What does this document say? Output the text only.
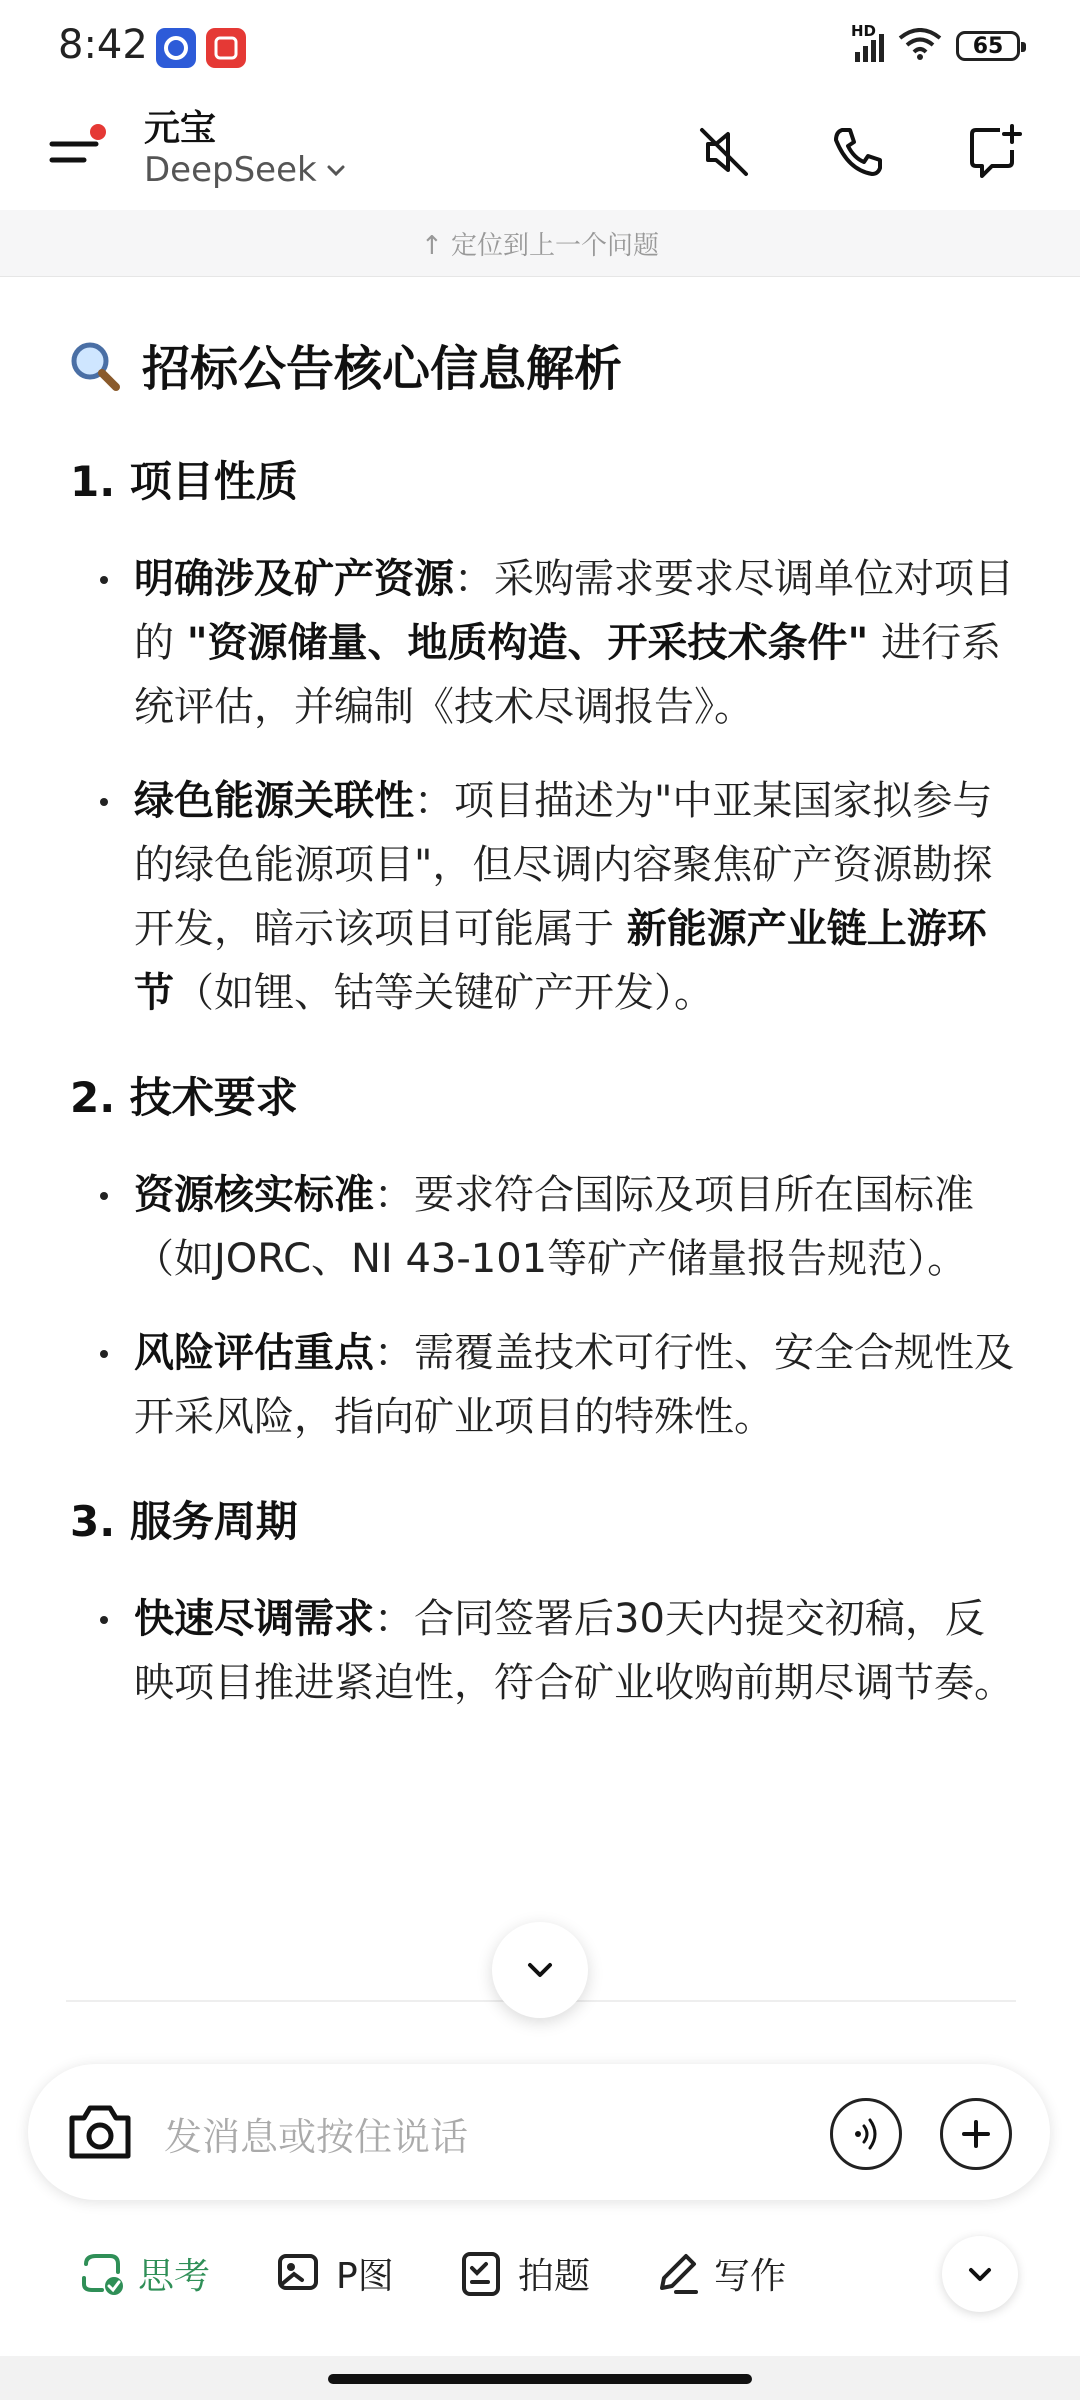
8:42	HD
65
元宝
DeepSeek
↑ 定位到上一个问题
招标公告核心信息解析
1. 项目性质
明确涉及矿产资源：采购需求要求尽调单位对项目的 "资源储量、地质构造、开采技术条件" 进行系统评估，并编制《技术尽调报告》。
绿色能源关联性：项目描述为"中亚某国家拟参与的绿色能源项目"，但尽调内容聚焦矿产资源勘探开发，暗示该项目可能属于 新能源产业链上游环节（如锂、钴等关键矿产开发）。
2. 技术要求
资源核实标准：要求符合国际及项目所在国标准（如JORC、NI 43-101等矿产储量报告规范）。
风险评估重点：需覆盖技术可行性、安全合规性及开采风险，指向矿业项目的特殊性。
3. 服务周期
快速尽调需求：合同签署后30天内提交初稿，反映项目推进紧迫性，符合矿业收购前期尽调节奏。
发消息或按住说话
思考	P图	拍题	写作
